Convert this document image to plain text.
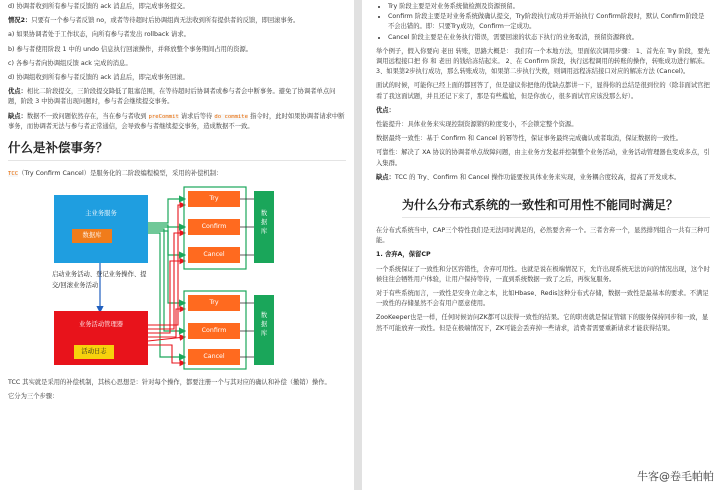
d) 协调者收到所有参与者反馈的 ack 消息后，即完成事务提交。

情况2：只要有一个参与者反馈 no，或者等待超时后协调组尚无法收到所有提供者的反馈，即回滚事务。

a) 如果协调者处于工作状态，向所有参与者发出 rollback 请求。

b) 参与者使用阶段 1 中的 undo 信息执行回滚操作，并释放整个事务期间占用的资源。

c) 各参与者向协调组反馈 ack 完成的消息。

d) 协调组收到所有参与者反馈的 ack 消息后，即完成事务回滚。

优点：相比二阶段提交，三阶段提交降低了阻塞范围，在等待超时后协调者或参与者会中断事务。避免了协调者单点问题，阶段 3 中协调者出现问题时，参与者会继续提交事务。

缺点：数据不一致问题依然存在，当在参与者收到 preCommit 请求后等待 do commite 指令时，此时如果协调者请求中断事务，而协调者无法与参与者正常通信，会导致参与者继续提交事务，造成数据不一致。

什么是补偿事务？

TCC（Try Confirm Cancel）是服务化的二阶段编程模型，采用的补偿机制：

主业务服务
数据库
启动业务活动、登记业务操作、提交/回滚业务活动
业务活动管理器
活动日志
Try
Confirm
Cancel
Try
Confirm
Cancel
数据库
数据库

TCC 其实就是采用的补偿机制，其核心思想是：针对每个操作，都要注册一个与其对应的确认和补偿（撤销）操作。

它分为三个步骤：

• Try 阶段主要是对业务系统做检测及资源预留。
• Confirm 阶段主要是对业务系统做确认提交，Try阶段执行成功并开始执行 Confirm阶段时，默认 Confirm阶段是不会出错的。即：只要Try成功，Confirm一定成功。
• Cancel 阶段主要是在业务执行错误，需要回滚的状态下执行的业务取消，预留资源释放。

举个例子，假入你要向 老田 转账，思路大概是： 我们有一个本地方法，里面依次调用步骤： 1、首先在 Try 阶段，要先调用远程接口把 你 和 老田 的钱给冻结起来。 2、在 Confirm 阶段，执行远程调用的转账的操作，转账成功进行解冻。 3、如果第2步执行成功，那么转账成功，如果第二步执行失败，则调用远程冻结接口对应的解冻方法 (Cancel)。

面试的时候，可能你已经上面的都回答了，但是建议你把他的优缺点都讲一下，显得你的总结是很到位的（除非面试官把看了我这面试题，并且还记下来了，那是有些尴尬，但是你放心，很多面试官应该没那么好）。

优点：

性能提升：具体业务来实现控制资源锁的粒度变小，不会锁定整个资源。

数据最终一致性：基于 Confirm 和 Cancel 的幂等性，保证事务最终完成确认或者取消，保证数据的一致性。

可靠性：解决了 XA 协议的协调者单点故障问题，由主业务方发起并控制整个业务活动，业务活动管理器也变成多点，引入集群。

缺点：TCC 的 Try、Confirm 和 Cancel 操作功能要按具体业务来实现，业务耦合度较高，提高了开发成本。

为什么分布式系统的一致性和可用性不能同时满足？

在分布式系统当中，CAP三个特性我们是无法同时满足的，必然要舍弃一个。三者舍弃一个，显然排列组合一共有三种可能。

1. 舍弃A，保留CP

一个系统保证了一致性和分区容错性，舍弃可用性。也就是说在极端情况下，允许出现系统无法访问的情况出现，这个时候往往会牺牲用户体验，让用户保持等待，一直到系统数据一致了之后，再恢复服务。

对于有些系统而言，一致性是安身立命之本，比如Hbase、Redis这种分布式存储，数据一致性是最基本的要求。不满足一致性的存储显然不会有用户愿意使用。

ZooKeeper也是一样，任何时候访问ZK都可以获得一致性的结果。它的职责就是保证管辖下的服务保持同步和一致，显然不可能放弃一致性。但是在极端情况下，ZK可能会丢弃掉一些请求，消费者需要重新请求才能获得结果。

牛客@卷毛帕帕
